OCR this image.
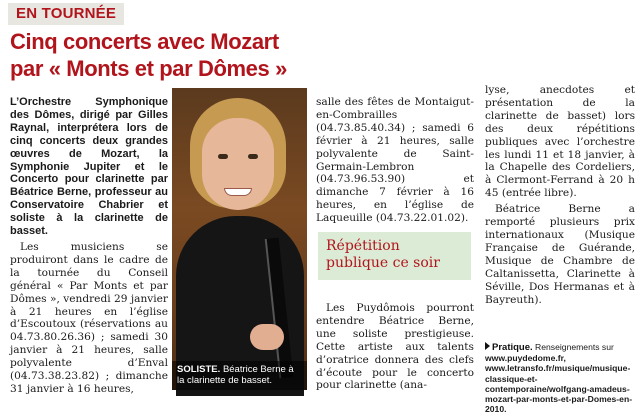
EN TOURNÉE
Cinq concerts avec Mozart
par « Monts et par Dômes »

L’Orchestre Symphonique des Dômes, dirigé par Gilles Raynal, interprétera lors de cinq concerts deux grandes œuvres de Mozart, la Symphonie Jupiter et le Concerto pour clarinette par Béatrice Berne, professeur au Conservatoire Chabrier et soliste à la clarinette de basset.

Les musiciens se produiront dans le cadre de la tournée du Conseil général « Par Monts et par Dômes », vendredi 29 janvier à 21 heures en l’église d’Escoutoux (réservations au 04.73.80.26.36) ; samedi 30 janvier à 21 heures, salle polyvalente d’Enval (04.73.38.23.82) ; dimanche 31 janvier à 16 heures,

SOLISTE. Béatrice Berne à la clarinette de basset.

salle des fêtes de Montaigut-en-Combrailles (04.73.85.40.34) ; samedi 6 février à 21 heures, salle polyvalente de Saint-Germain-Lembron (04.73.96.53.90) et dimanche 7 février à 16 heures, en l’église de Laqueuille (04.73.22.01.02).

Répétition publique ce soir

Les Puydômois pourront entendre Béatrice Berne, une soliste prestigieuse. Cette artiste aux talents d’oratrice donnera des clefs d’écoute pour le concerto pour clarinette (ana-

lyse, anecdotes et présentation de la clarinette de basset) lors des deux répétitions publiques avec l’orchestre les lundi 11 et 18 janvier, à la Chapelle des Cordeliers, à Clermont-Ferrand à 20 h 45 (entrée libre).

Béatrice Berne a remporté plusieurs prix internationaux (Musique Française de Guérande, Musique de Chambre de Caltanissetta, Clarinette à Séville, Dos Hermanas et à Bayreuth).

Pratique. Renseignements sur www.puydedome.fr, www.letransfo.fr/musique/musique-classique-et-contemporaine/wolfgang-amadeus-mozart-par-monts-et-par-Domes-en-2010.
